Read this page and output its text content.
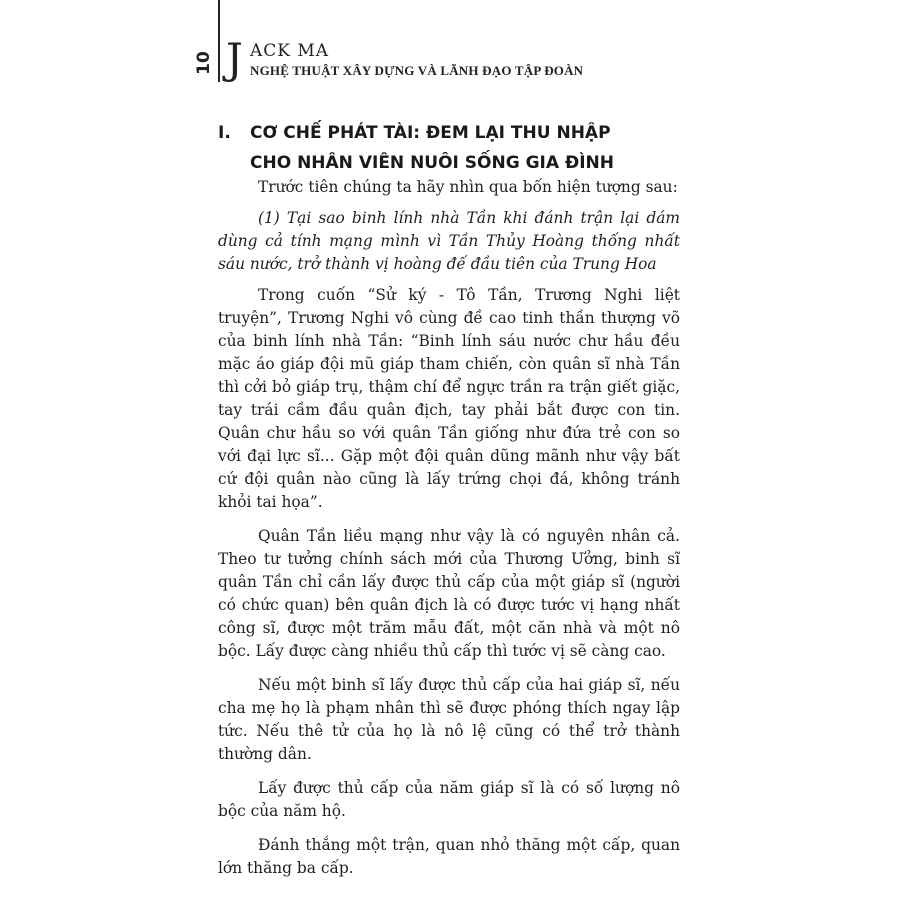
10 J ACK MA
NGHỆ THUẬT XÂY DỰNG VÀ LÃNH ĐẠO TẬP ĐOÀN
I. CƠ CHẾ PHÁT TÀI: ĐEM LẠI THU NHẬP
CHO NHÂN VIÊN NUÔI SỐNG GIA ĐÌNH

Trước tiên chúng ta hãy nhìn qua bốn hiện tượng sau:

(1) Tại sao binh lính nhà Tần khi đánh trận lại dám dùng cả tính mạng mình vì Tần Thủy Hoàng thống nhất sáu nước, trở thành vị hoàng đế đầu tiên của Trung Hoa

Trong cuốn “Sử ký - Tô Tần, Trương Nghi liệt truyện”, Trương Nghi vô cùng đề cao tinh thần thượng võ của binh lính nhà Tần: “Binh lính sáu nước chư hầu đều mặc áo giáp đội mũ giáp tham chiến, còn quân sĩ nhà Tần thì cởi bỏ giáp trụ, thậm chí để ngực trần ra trận giết giặc, tay trái cầm đầu quân địch, tay phải bắt được con tin. Quân chư hầu so với quân Tần giống như đứa trẻ con so với đại lực sĩ... Gặp một đội quân dũng mãnh như vậy bất cứ đội quân nào cũng là lấy trứng chọi đá, không tránh khỏi tai họa”.

Quân Tần liều mạng như vậy là có nguyên nhân cả. Theo tư tưởng chính sách mới của Thương Ưởng, binh sĩ quân Tần chỉ cần lấy được thủ cấp của một giáp sĩ (người có chức quan) bên quân địch là có được tước vị hạng nhất công sĩ, được một trăm mẫu đất, một căn nhà và một nô bộc. Lấy được càng nhiều thủ cấp thì tước vị sẽ càng cao.

Nếu một binh sĩ lấy được thủ cấp của hai giáp sĩ, nếu cha mẹ họ là phạm nhân thì sẽ được phóng thích ngay lập tức. Nếu thê tử của họ là nô lệ cũng có thể trở thành thường dân.

Lấy được thủ cấp của năm giáp sĩ là có số lượng nô bộc của năm hộ.

Đánh thắng một trận, quan nhỏ thăng một cấp, quan lớn thăng ba cấp.
